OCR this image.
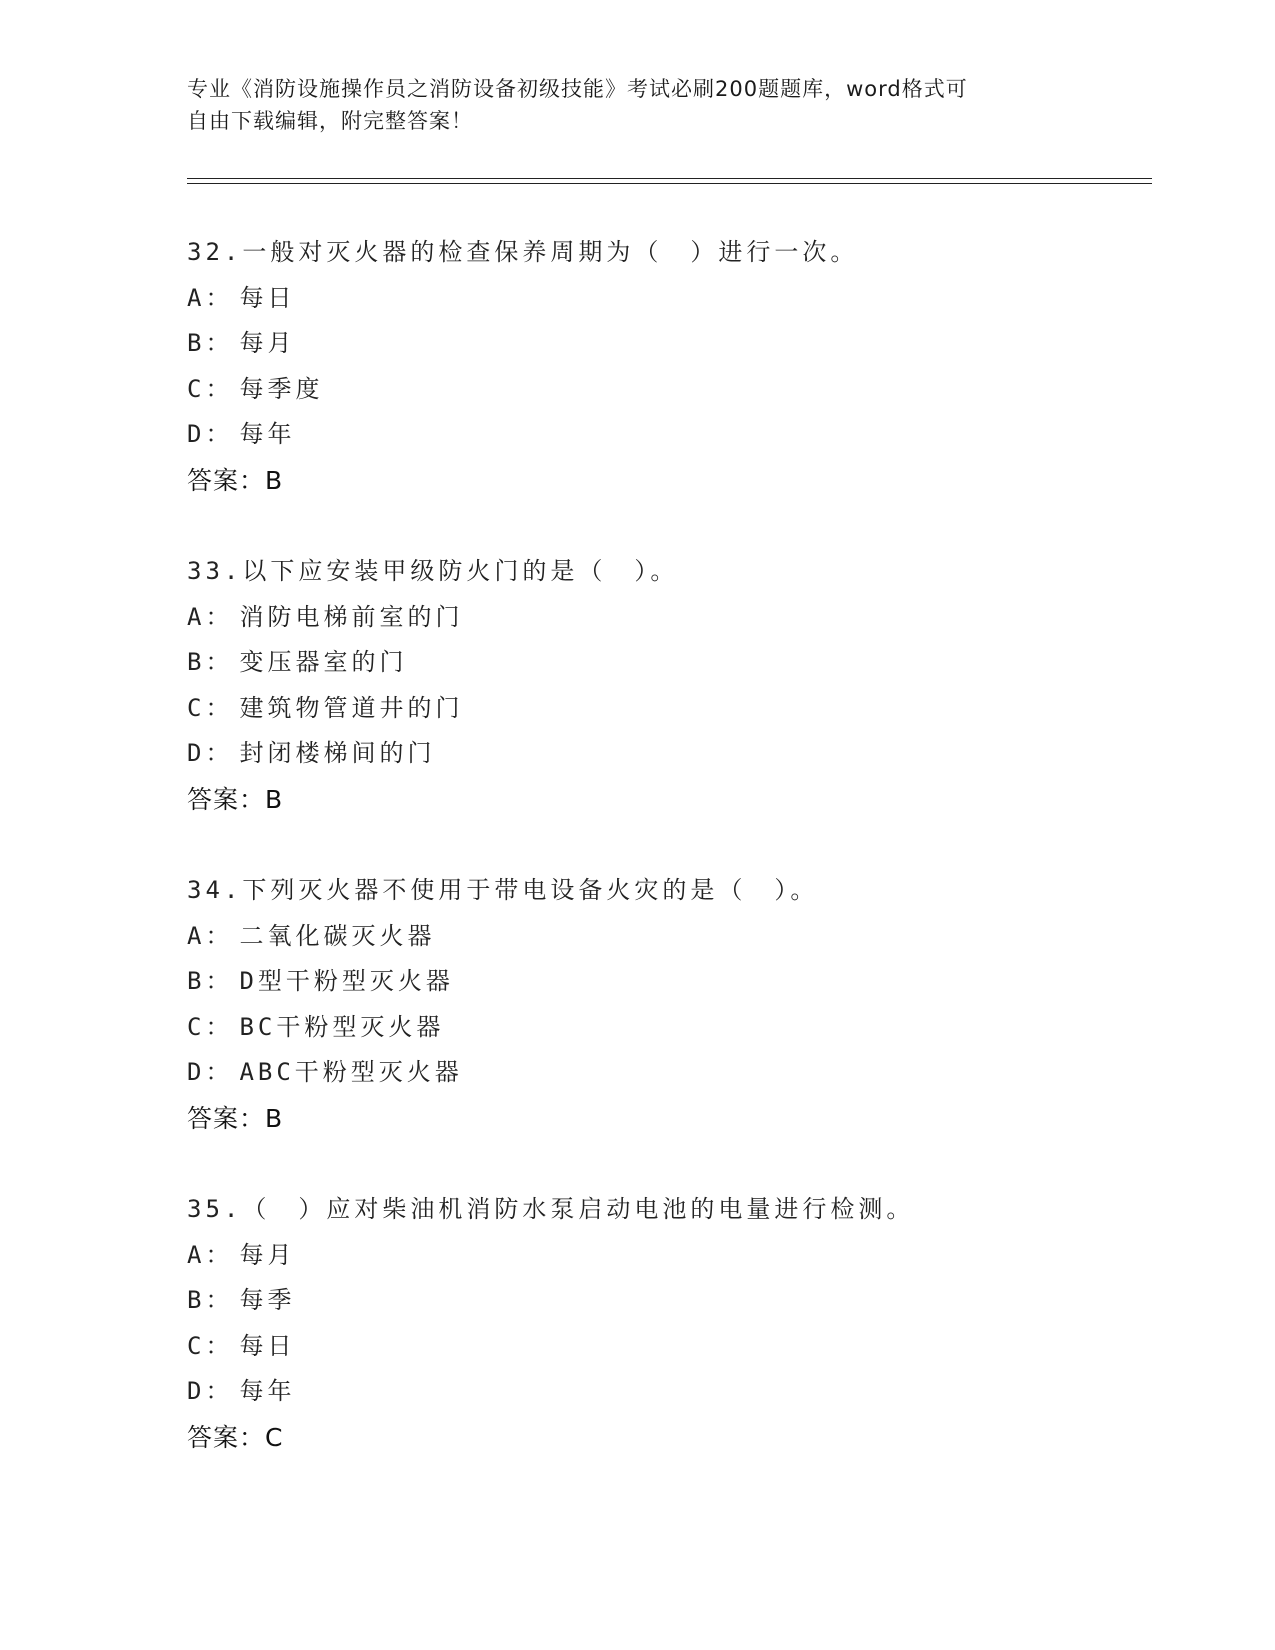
专业《消防设施操作员之消防设备初级技能》考试必刷200题题库，word格式可
自由下载编辑，附完整答案！
32.一般对灭火器的检查保养周期为（　）进行一次。
A： 每日
B： 每月
C： 每季度
D： 每年
答案：B
33.以下应安装甲级防火门的是（　）。
A： 消防电梯前室的门
B： 变压器室的门
C： 建筑物管道井的门
D： 封闭楼梯间的门
答案：B
34.下列灭火器不使用于带电设备火灾的是（　）。
A： 二氧化碳灭火器
B： D型干粉型灭火器
C： BC干粉型灭火器
D： ABC干粉型灭火器
答案：B
35.（　）应对柴油机消防水泵启动电池的电量进行检测。
A： 每月
B： 每季
C： 每日
D： 每年
答案：C
